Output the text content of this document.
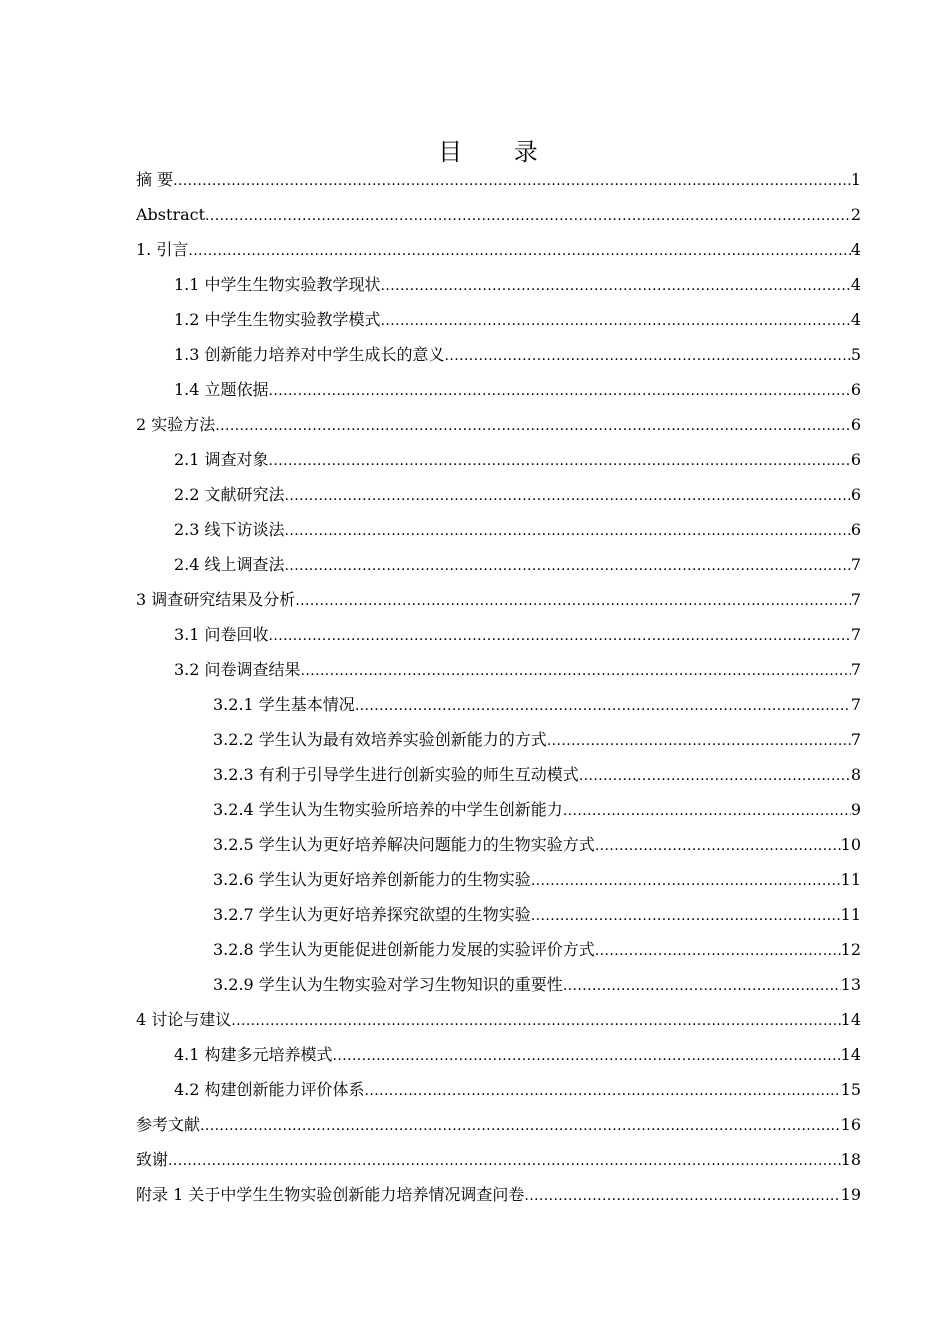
目 录
摘 要 .....	1
Abstract .....	2
1. 引言 .....	4
1.1 中学生生物实验教学现状 .....	4
1.2 中学生生物实验教学模式 .....	4
1.3 创新能力培养对中学生成长的意义 .....	5
1.4 立题依据 .....	6
2 实验方法 .....	6
2.1 调查对象 .....	6
2.2 文献研究法 .....	6
2.3 线下访谈法 .....	6
2.4 线上调查法 .....	7
3 调查研究结果及分析 .....	7
3.1 问卷回收 .....	7
3.2 问卷调查结果 .....	7
3.2.1 学生基本情况 .....	7
3.2.2 学生认为最有效培养实验创新能力的方式 .....	7
3.2.3 有利于引导学生进行创新实验的师生互动模式 .....	8
3.2.4 学生认为生物实验所培养的中学生创新能力 .....	9
3.2.5 学生认为更好培养解决问题能力的生物实验方式 .....	10
3.2.6 学生认为更好培养创新能力的生物实验 .....	11
3.2.7 学生认为更好培养探究欲望的生物实验 .....	11
3.2.8 学生认为更能促进创新能力发展的实验评价方式 .....	12
3.2.9 学生认为生物实验对学习生物知识的重要性 .....	13
4 讨论与建议 .....	14
4.1 构建多元培养模式 .....	14
4.2 构建创新能力评价体系 .....	15
参考文献 .....	16
致谢 .....	18
附录 1 关于中学生生物实验创新能力培养情况调查问卷 .....	19
